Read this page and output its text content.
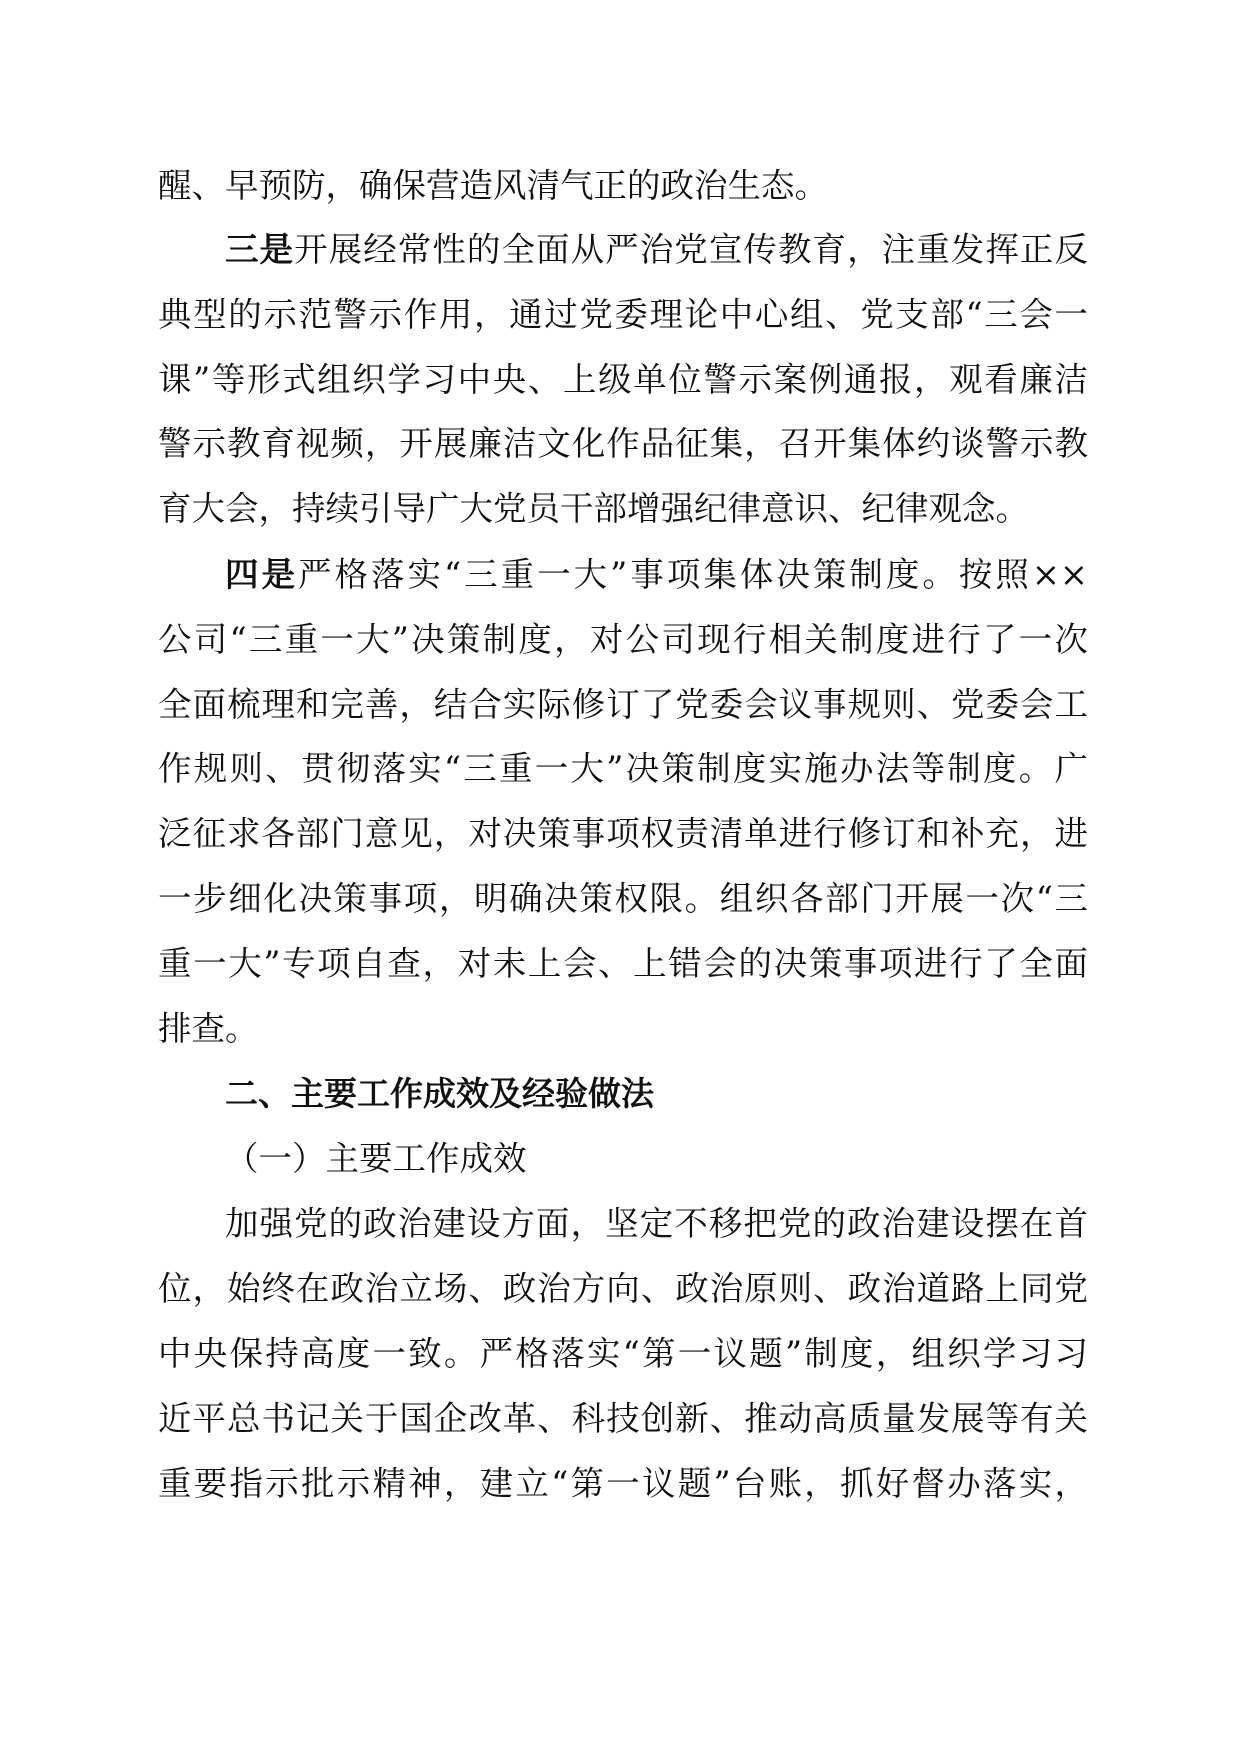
醒、早预防，确保营造风清气正的政治生态。
三是开展经常性的全面从严治党宣传教育，注重发挥正反
典型的示范警示作用，通过党委理论中心组、党支部“三会一
课”等形式组织学习中央、上级单位警示案例通报，观看廉洁
警示教育视频，开展廉洁文化作品征集，召开集体约谈警示教
育大会，持续引导广大党员干部增强纪律意识、纪律观念。
四是严格落实“三重一大”事项集体决策制度。按照××
公司“三重一大”决策制度，对公司现行相关制度进行了一次
全面梳理和完善，结合实际修订了党委会议事规则、党委会工
作规则、贯彻落实“三重一大”决策制度实施办法等制度。广
泛征求各部门意见，对决策事项权责清单进行修订和补充，进
一步细化决策事项，明确决策权限。组织各部门开展一次“三
重一大”专项自查，对未上会、上错会的决策事项进行了全面
排查。
二、主要工作成效及经验做法
（一）主要工作成效
加强党的政治建设方面，坚定不移把党的政治建设摆在首
位，始终在政治立场、政治方向、政治原则、政治道路上同党
中央保持高度一致。严格落实“第一议题”制度，组织学习习
近平总书记关于国企改革、科技创新、推动高质量发展等有关
重要指示批示精神，建立“第一议题”台账，抓好督办落实，
